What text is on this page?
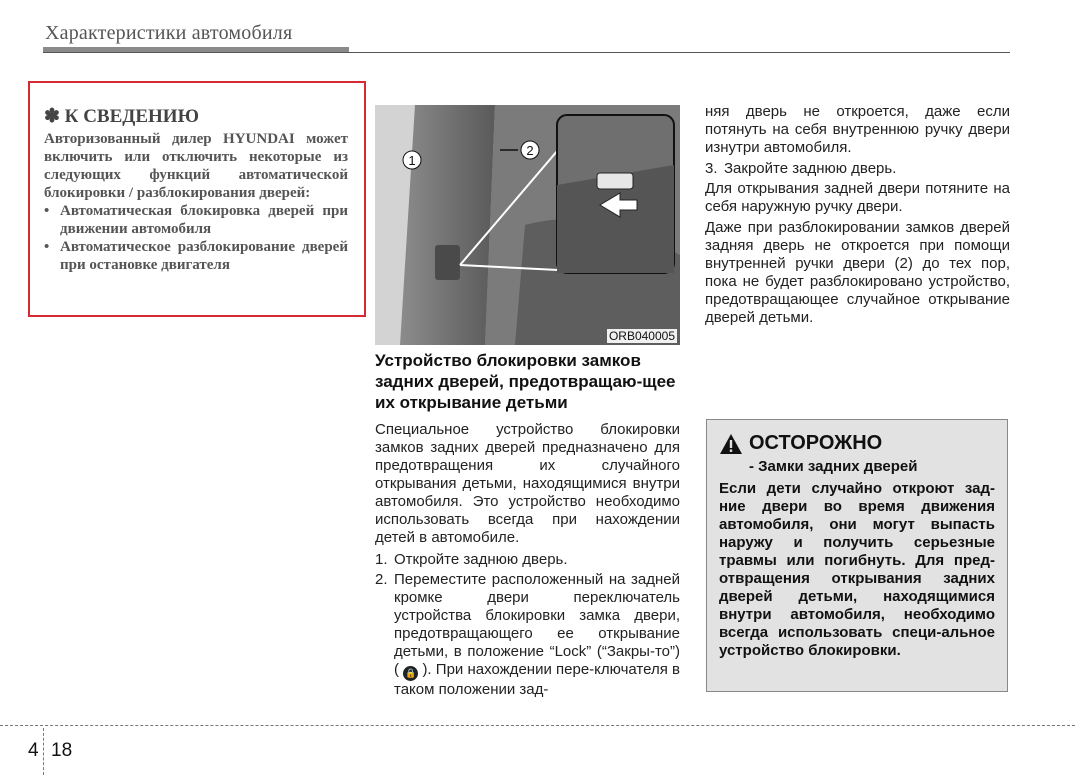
Характеристики автомобиля
✽ К СВЕДЕНИЮ
Авторизованный дилер HYUNDAI может включить или отключить некоторые из следующих функций автоматической блокировки / разблокирования дверей:
• Автоматическая блокировка дверей при движении автомобиля
• Автоматическое разблокирование дверей при остановке двигателя
1
2
ORB040005
Устройство блокировки замков задних дверей, предотвращаю-щее их открывание детьми
Специальное устройство блокировки замков задних дверей предназначено для предотвращения их случайного открывания детьми, находящимися внутри автомобиля. Это устройство необходимо использовать всегда при нахождении детей в автомобиле.
1. Откройте заднюю дверь.
2. Переместите расположенный на задней кромке двери переключатель устройства блокировки замка двери, предотвращающего ее открывание детьми, в положение “Lock” (“Закры-то”) ( 🔒 ). При нахождении пере-ключателя в таком положении зад-
няя дверь не откроется, даже если потянуть на себя внутреннюю ручку двери изнутри автомобиля.
3. Закройте заднюю дверь.
Для открывания задней двери потяните на себя наружную ручку двери.
Даже при разблокировании замков дверей задняя дверь не откроется при помощи внутренней ручки двери (2) до тех пор, пока не будет разблокировано устройство, предотвращающее случайное открывание дверей детьми.
ОСТОРОЖНО
- Замки задних дверей
Если дети случайно откроют зад-ние двери во время движения автомобиля, они могут выпасть наружу и получить серьезные травмы или погибнуть. Для пред-отвращения открывания задних дверей детьми, находящимися внутри автомобиля, необходимо всегда использовать специ-альное устройство блокировки.
4 18
